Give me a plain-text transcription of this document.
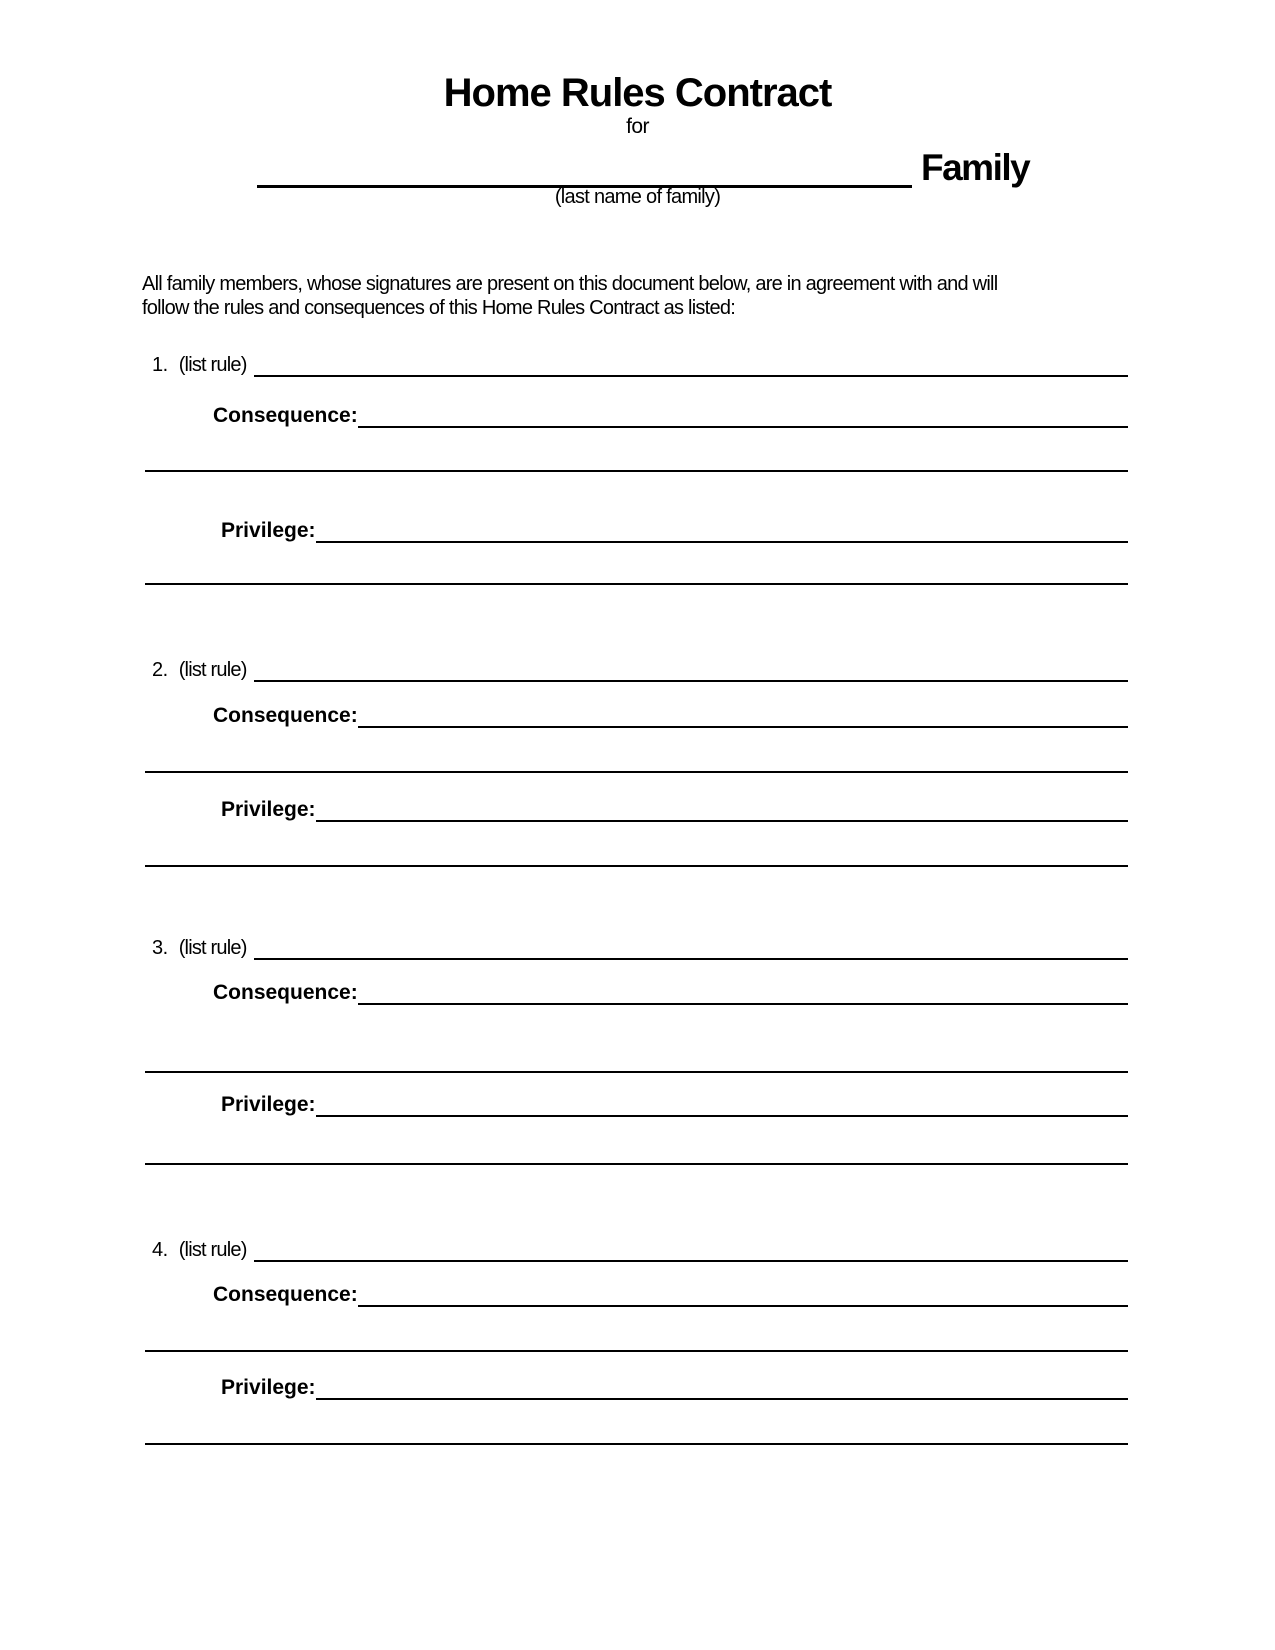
Home Rules Contract
for
Family
(last name of family)
All family members, whose signatures are present on this document below, are in agreement with and will
follow the rules and consequences of this Home Rules Contract as listed:
1. (list rule)
Consequence:
Privilege:
2. (list rule)
Consequence:
Privilege:
3. (list rule)
Consequence:
Privilege:
4. (list rule)
Consequence:
Privilege:
